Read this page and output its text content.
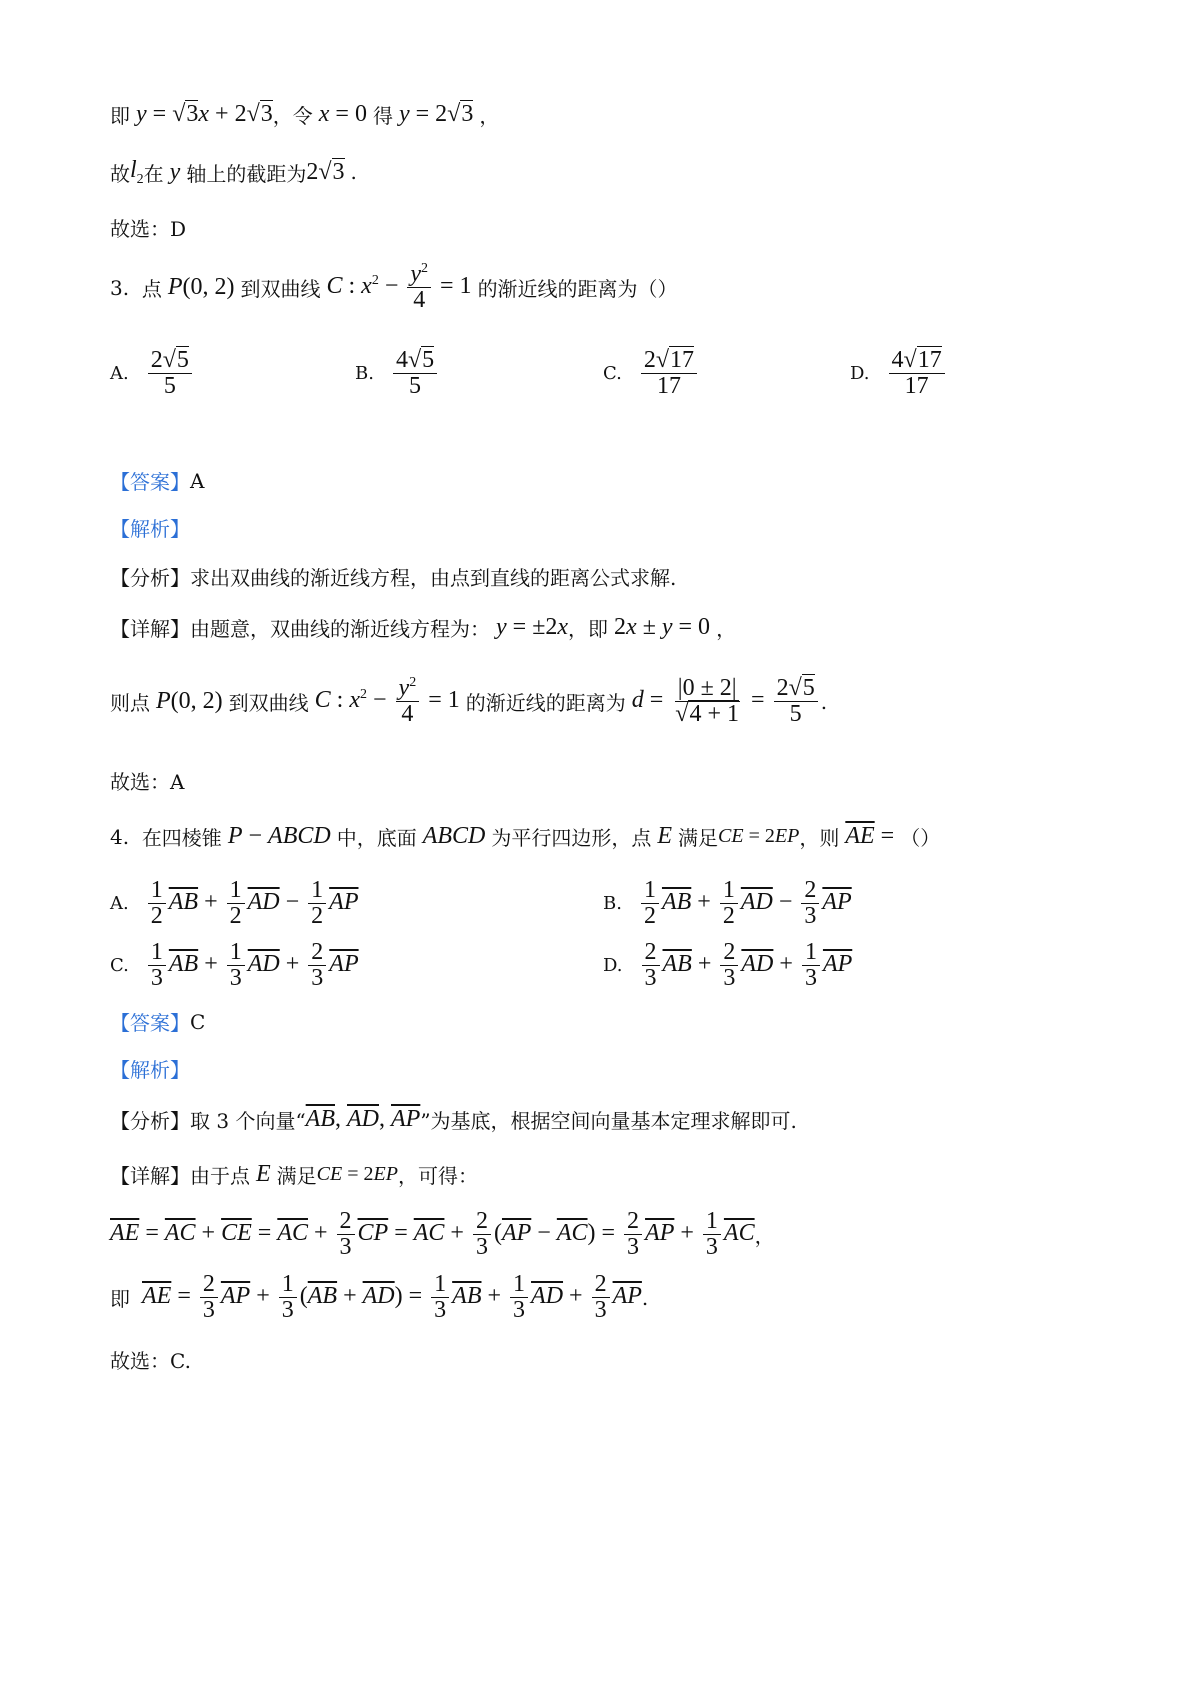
即 y = √3x + 2√3 ，令 x = 0 得 y = 2√3 ，
故 $l_2$ 在 y 轴上的截距为 2√3 .
故选：D
3.
点 P(0, 2) 到双曲线 C : $x^2 - \frac{y^2}{4} = 1$ 的渐近线的距离为（）
A. $\frac{2√5}{5}$	B. $\frac{4√5}{5}$	C. $\frac{2√17}{17}$	D. $\frac{4√17}{17}$
【答案】 A
【解析】
【分析】 求出双曲线的渐近线方程，由点到直线的距离公式求解.
【详解】 由题意，双曲线的渐近线方程为： y = ±2x ，即 2x ± y = 0 ，
则点 P(0, 2) 到双曲线 C : $x^2 - \frac{y^2}{4} = 1$ 的渐近线的距离为 $d = \frac{|0 \pm 2|}{√4 + 1} = \frac{2√5}{5}$ .
故选：A
4.
在四棱锥 P − ABCD 中，底面 ABCD 为平行四边形，点 E 满足 CE = 2EP ，则 $\overline{AE}$ = （）
A. $\frac{1}{2} \overline{AB} + \frac{1}{2} \overline{AD} - \frac{1}{2} \overline{AP}$	B. $\frac{1}{2} \overline{AB} + \frac{1}{2} \overline{AD} - \frac{2}{3} \overline{AP}$
C. $\frac{1}{3} \overline{AB} + \frac{1}{3} \overline{AD} + \frac{2}{3} \overline{AP}$	D. $\frac{2}{3} \overline{AB} + \frac{2}{3} \overline{AD} + \frac{1}{3} \overline{AP}$
【答案】 C
【解析】
【分析】 取 3 个向量“ $\overline{AB}$, $\overline{AD}$, $\overline{AP}$ ”为基底，根据空间向量基本定理求解即可.
【详解】 由于点 E 满足 CE = 2EP ，可得：
$\overline{AE} = \overline{AC} + \overline{CE} = \overline{AC} + \frac{2}{3} \overline{CP} = \overline{AC} + \frac{2}{3} (\overline{AP} - \overline{AC}) = \frac{2}{3} \overline{AP} + \frac{1}{3} \overline{AC}$ ，
即 $\overline{AE} = \frac{2}{3} \overline{AP} + \frac{1}{3} (\overline{AB} + \overline{AD}) = \frac{1}{3} \overline{AB} + \frac{1}{3} \overline{AD} + \frac{2}{3} \overline{AP}$ .
故选：C.
